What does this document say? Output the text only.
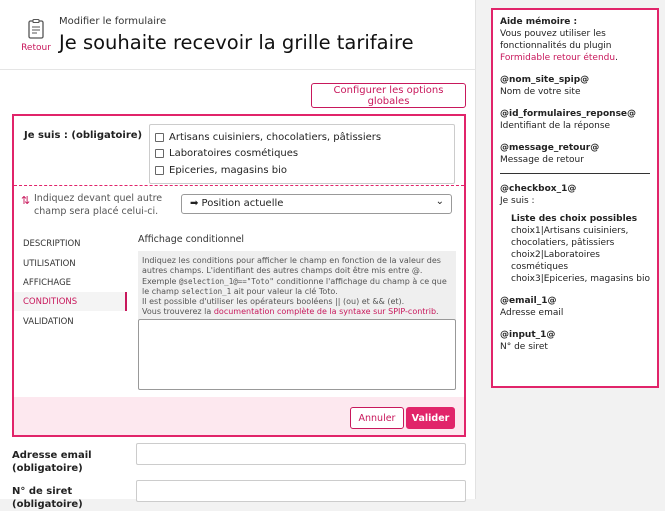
Retour
Modifier le formulaire
Je souhaite recevoir la grille tarifaire
Configurer les options globales
Je suis : (obligatoire)	Artisans cuisiniers, chocolatiers, pâtissiers
Laboratoires cosmétiques
Epiceries, magasins bio
⇅ Indiquez devant quel autre champ sera placé celui-ci.
➡ Position actuelle	⌄
DESCRIPTION
UTILISATION
AFFICHAGE
CONDITIONS
VALIDATION
Affichage conditionnel
Indiquez les conditions pour afficher le champ en fonction de la valeur des autres champs. L'identifiant des autres champs doit être mis entre @.
Exemple @selection_1@=="Toto" conditionne l'affichage du champ à ce que le champ selection_1 ait pour valeur la clé Toto.
Il est possible d'utiliser les opérateurs booléens || (ou) et && (et).
Vous trouverez la documentation complète de la syntaxe sur SPIP-contrib.
Annuler	Valider
Adresse email (obligatoire)
N° de siret (obligatoire)
Aide mémoire :
Vous pouvez utiliser les fonctionnalités du plugin Formidable retour étendu.
@nom_site_spip@
Nom de votre site
@id_formulaires_reponse@
Identifiant de la réponse
@message_retour@
Message de retour
@checkbox_1@
Je suis :
Liste des choix possibles
choix1|Artisans cuisiniers, chocolatiers, pâtissiers
choix2|Laboratoires cosmétiques
choix3|Epiceries, magasins bio
@email_1@
Adresse email
@input_1@
N° de siret
